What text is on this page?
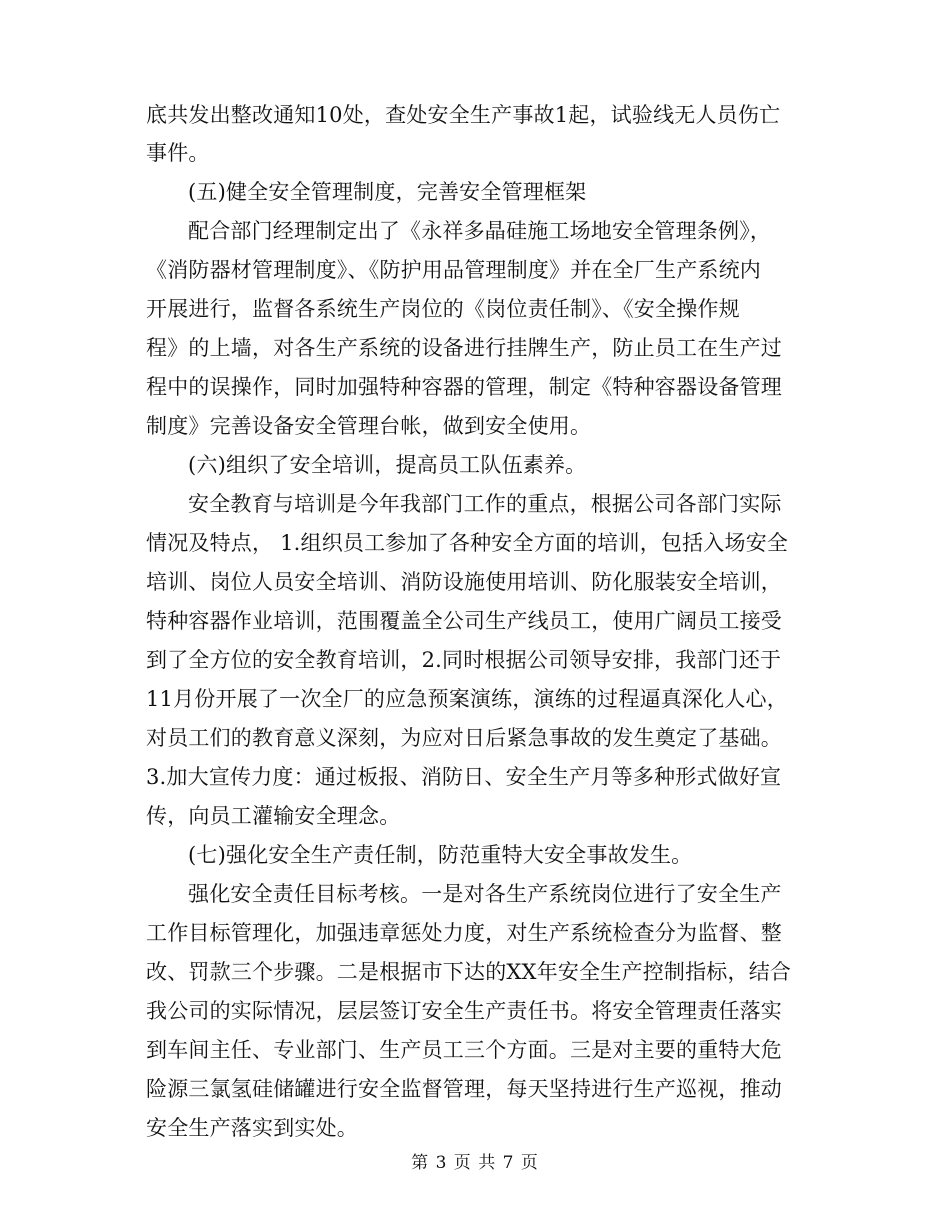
底共发出整改通知10处，查处安全生产事故1起，试验线无人员伤亡
事件。
(五)健全安全管理制度，完善安全管理框架
配合部门经理制定出了《永祥多晶硅施工场地安全管理条例》，
《消防器材管理制度》、《防护用品管理制度》并在全厂生产系统内
开展进行，监督各系统生产岗位的《岗位责任制》、《安全操作规
程》的上墙，对各生产系统的设备进行挂牌生产，防止员工在生产过
程中的误操作，同时加强特种容器的管理，制定《特种容器设备管理
制度》完善设备安全管理台帐，做到安全使用。
(六)组织了安全培训，提高员工队伍素养。
安全教育与培训是今年我部门工作的重点，根据公司各部门实际
情况及特点， 1.组织员工参加了各种安全方面的培训，包括入场安全
培训、岗位人员安全培训、消防设施使用培训、防化服装安全培训，
特种容器作业培训，范围覆盖全公司生产线员工，使用广阔员工接受
到了全方位的安全教育培训，2.同时根据公司领导安排，我部门还于
11月份开展了一次全厂的应急预案演练，演练的过程逼真深化人心，
对员工们的教育意义深刻，为应对日后紧急事故的发生奠定了基础。
3.加大宣传力度：通过板报、消防日、安全生产月等多种形式做好宣
传，向员工灌输安全理念。
(七)强化安全生产责任制，防范重特大安全事故发生。
强化安全责任目标考核。一是对各生产系统岗位进行了安全生产
工作目标管理化，加强违章惩处力度，对生产系统检查分为监督、整
改、罚款三个步骤。二是根据市下达的XX年安全生产控制指标，结合
我公司的实际情况，层层签订安全生产责任书。将安全管理责任落实
到车间主任、专业部门、生产员工三个方面。三是对主要的重特大危
险源三氯氢硅储罐进行安全监督管理，每天坚持进行生产巡视，推动
安全生产落实到实处。
第 3 页 共 7 页
